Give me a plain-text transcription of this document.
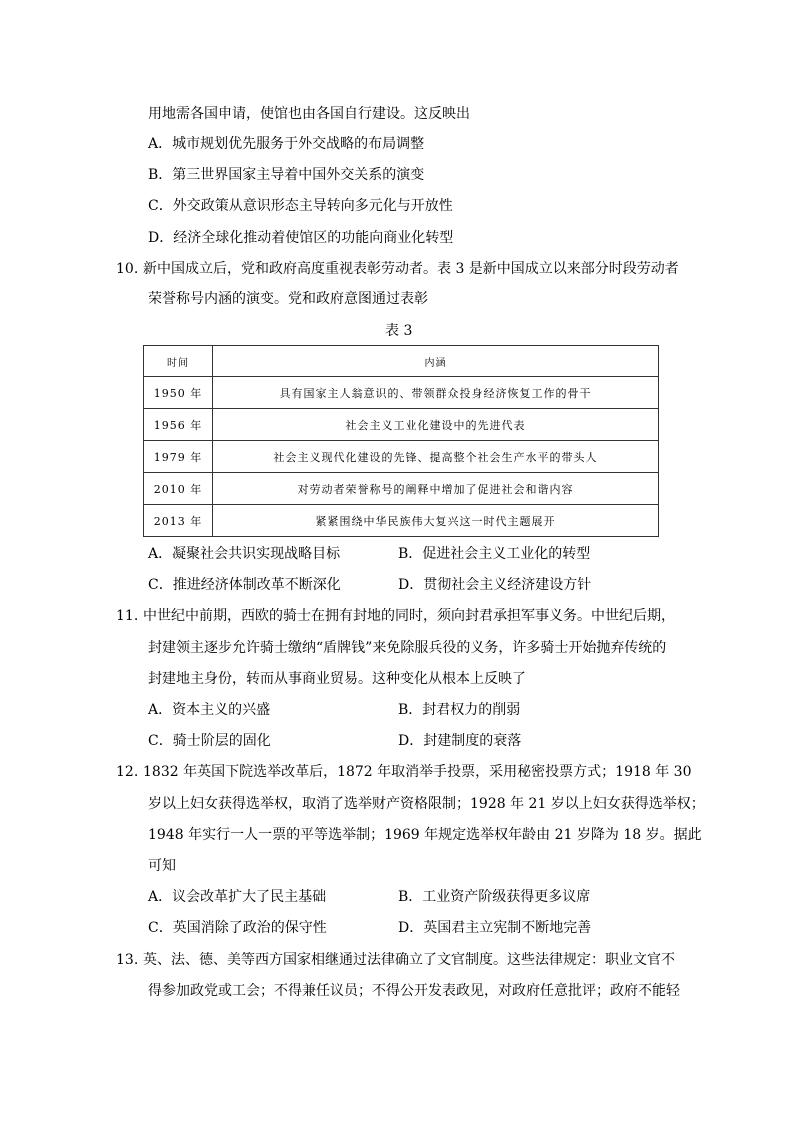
用地需各国申请，使馆也由各国自行建设。这反映出
A．城市规划优先服务于外交战略的布局调整
B．第三世界国家主导着中国外交关系的演变
C．外交政策从意识形态主导转向多元化与开放性
D．经济全球化推动着使馆区的功能向商业化转型
10. 新中国成立后，党和政府高度重视表彰劳动者。表 3 是新中国成立以来部分时段劳动者
荣誉称号内涵的演变。党和政府意图通过表彰
表 3
时间	内涵
1950 年	具有国家主人翁意识的、带领群众投身经济恢复工作的骨干
1956 年	社会主义工业化建设中的先进代表
1979 年	社会主义现代化建设的先锋、提高整个社会生产水平的带头人
2010 年	对劳动者荣誉称号的阐释中增加了促进社会和谐内容
2013 年	紧紧围绕中华民族伟大复兴这一时代主题展开
A．凝聚社会共识实现战略目标	B．促进社会主义工业化的转型
C．推进经济体制改革不断深化	D．贯彻社会主义经济建设方针
11. 中世纪中前期，西欧的骑士在拥有封地的同时，须向封君承担军事义务。中世纪后期，
封建领主逐步允许骑士缴纳“盾牌钱”来免除服兵役的义务，许多骑士开始抛弃传统的
封建地主身份，转而从事商业贸易。这种变化从根本上反映了
A．资本主义的兴盛	B．封君权力的削弱
C．骑士阶层的固化	D．封建制度的衰落
12. 1832 年英国下院选举改革后，1872 年取消举手投票，采用秘密投票方式；1918 年 30
岁以上妇女获得选举权，取消了选举财产资格限制；1928 年 21 岁以上妇女获得选举权；
1948 年实行一人一票的平等选举制；1969 年规定选举权年龄由 21 岁降为 18 岁。据此
可知
A．议会改革扩大了民主基础	B．工业资产阶级获得更多议席
C．英国消除了政治的保守性	D．英国君主立宪制不断地完善
13. 英、法、德、美等西方国家相继通过法律确立了文官制度。这些法律规定：职业文官不
得参加政党或工会；不得兼任议员；不得公开发表政见，对政府任意批评；政府不能轻
